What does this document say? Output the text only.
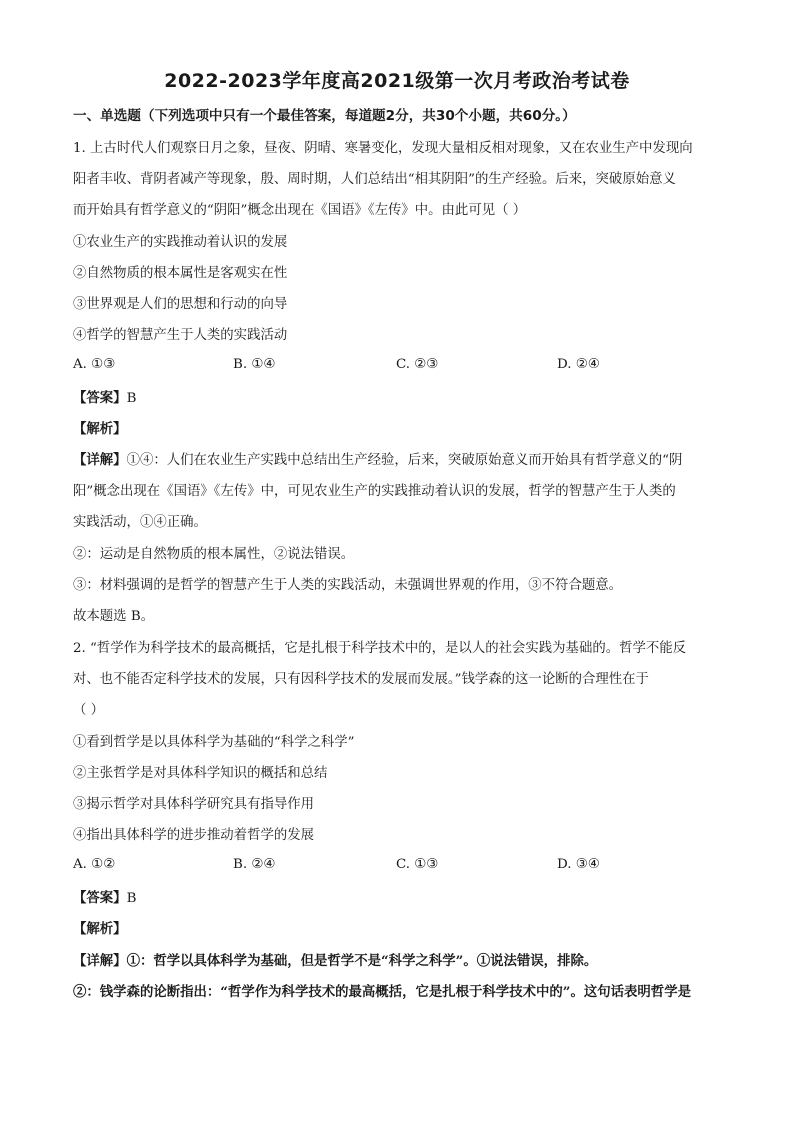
2022-2023学年度高2021级第一次月考政治考试卷
一、单选题（下列选项中只有一个最佳答案，每道题2分，共30个小题，共60分。）
1. 上古时代人们观察日月之象，昼夜、阴晴、寒暑变化，发现大量相反相对现象，又在农业生产中发现向
阳者丰收、背阴者减产等现象，殷、周时期，人们总结出“相其阴阳”的生产经验。后来，突破原始意义
而开始具有哲学意义的“阴阳”概念出现在《国语》《左传》中。由此可见（ ）
①农业生产的实践推动着认识的发展
②自然物质的根本属性是客观实在性
③世界观是人们的思想和行动的向导
④哲学的智慧产生于人类的实践活动
A. ①③	B. ①④	C. ②③	D. ②④
【答案】B
【解析】
【详解】①④：人们在农业生产实践中总结出生产经验，后来，突破原始意义而开始具有哲学意义的“阴
阳”概念出现在《国语》《左传》中，可见农业生产的实践推动着认识的发展，哲学的智慧产生于人类的
实践活动，①④正确。
②：运动是自然物质的根本属性，②说法错误。
③：材料强调的是哲学的智慧产生于人类的实践活动，未强调世界观的作用，③不符合题意。
故本题选 B。
2. “哲学作为科学技术的最高概括，它是扎根于科学技术中的，是以人的社会实践为基础的。哲学不能反
对、也不能否定科学技术的发展，只有因科学技术的发展而发展。”钱学森的这一论断的合理性在于
（ ）
①看到哲学是以具体科学为基础的“科学之科学”
②主张哲学是对具体科学知识的概括和总结
③揭示哲学对具体科学研究具有指导作用
④指出具体科学的进步推动着哲学的发展
A. ①②	B. ②④	C. ①③	D. ③④
【答案】B
【解析】
【详解】①：哲学以具体科学为基础，但是哲学不是“科学之科学”。①说法错误，排除。
②：钱学森的论断指出：“哲学作为科学技术的最高概括，它是扎根于科学技术中的”。这句话表明哲学是
